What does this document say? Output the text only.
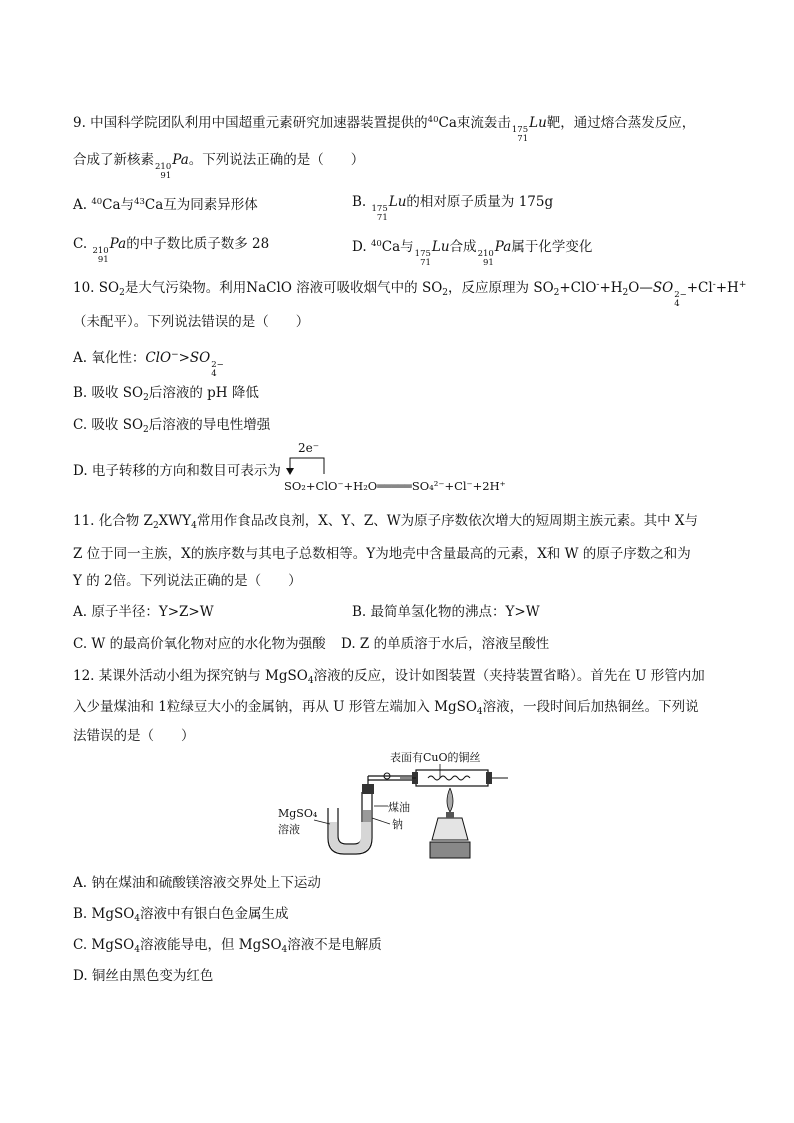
9. 中国科学院团队利用中国超重元素研究加速器装置提供的$^{40}$Ca束流轰击 175
71
Lu靶，通过熔合蒸发反应，
合成了新核素 210
91
Pa。下列说法正确的是（　　）
A. $^{40}$Ca与$^{43}$Ca互为同素异形体	B. 175
71
Lu的相对原子质量为 175g
C. 210
91
Pa的中子数比质子数多 28	D. $^{40}$Ca与 175
71
Lu合成 210
91
Pa属于化学变化
10. $SO_2$是大气污染物。利用NaClO 溶液可吸收烟气中的 $SO_2$，反应原理为 $SO_2+ClO^-+H_2O—SO$ 2−
4
+Cl-+H+
（未配平）。下列说法错误的是（　　）
A. 氧化性：ClO−>SO 2−
4
B. 吸收 $SO_2$后溶液的 pH 降低
C. 吸收 $SO_2$后溶液的导电性增强
D. 电子转移的方向和数目可表示为
2e⁻
SO₂+ClO⁻+H₂O═════SO₄²⁻+Cl⁻+2H⁺
11. 化合物 $Z_2XWY_4$常用作食品改良剂，X、Y、Z、W为原子序数依次增大的短周期主族元素。其中 X与
Z 位于同一主族，X的族序数与其电子总数相等。Y为地壳中含量最高的元素，X和 W 的原子序数之和为
Y 的 2倍。下列说法正确的是（　　）
A. 原子半径：Y>Z>W	B. 最简单氢化物的沸点：Y>W
C. W 的最高价氧化物对应的水化物为强酸 D. Z 的单质溶于水后，溶液呈酸性
12. 某课外活动小组为探究钠与 MgSO$_4$溶液的反应，设计如图装置（夹持装置省略）。首先在 U 形管内加
入少量煤油和 1粒绿豆大小的金属钠，再从 U 形管左端加入 MgSO$_4$溶液，一段时间后加热铜丝。下列说
法错误的是（　　）
表面有CuO的铜丝
MgSO₄
溶液
煤油
钠
A. 钠在煤油和硫酸镁溶液交界处上下运动
B. MgSO$_4$溶液中有银白色金属生成
C. MgSO$_4$溶液能导电，但 MgSO$_4$溶液不是电解质
D. 铜丝由黑色变为红色
